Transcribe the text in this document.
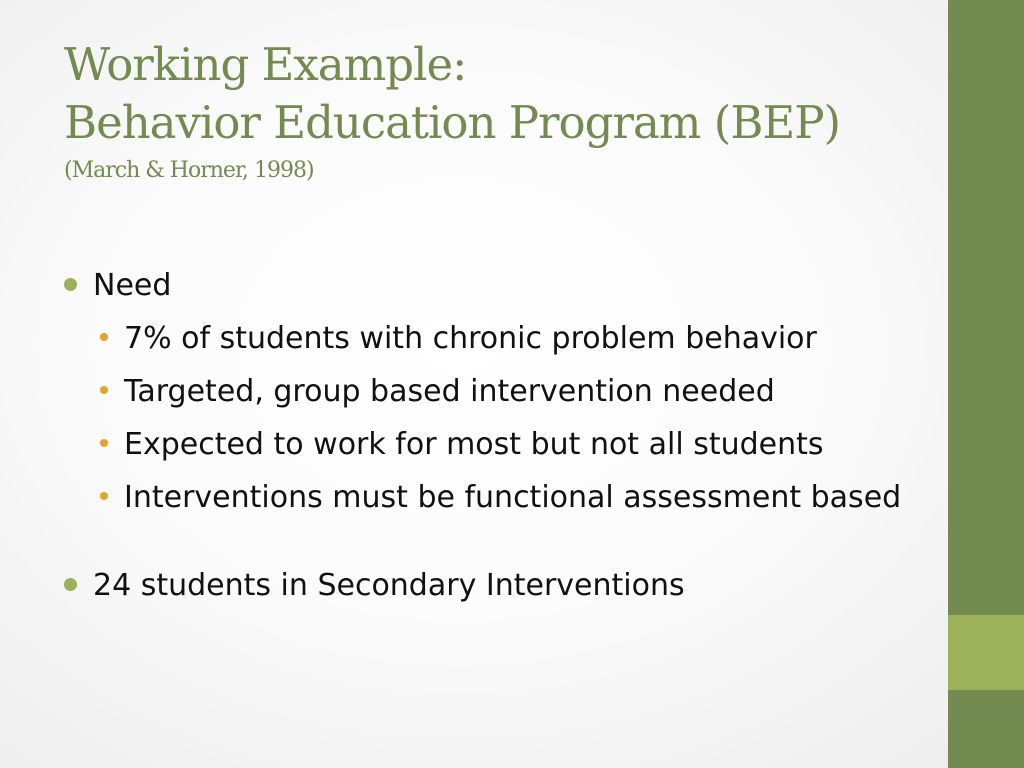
Working Example:
Behavior Education Program (BEP)
(March & Horner, 1998)
Need
7% of students with chronic problem behavior
Targeted, group based intervention needed
Expected to work for most but not all students
Interventions must be functional assessment based
24 students in Secondary Interventions
